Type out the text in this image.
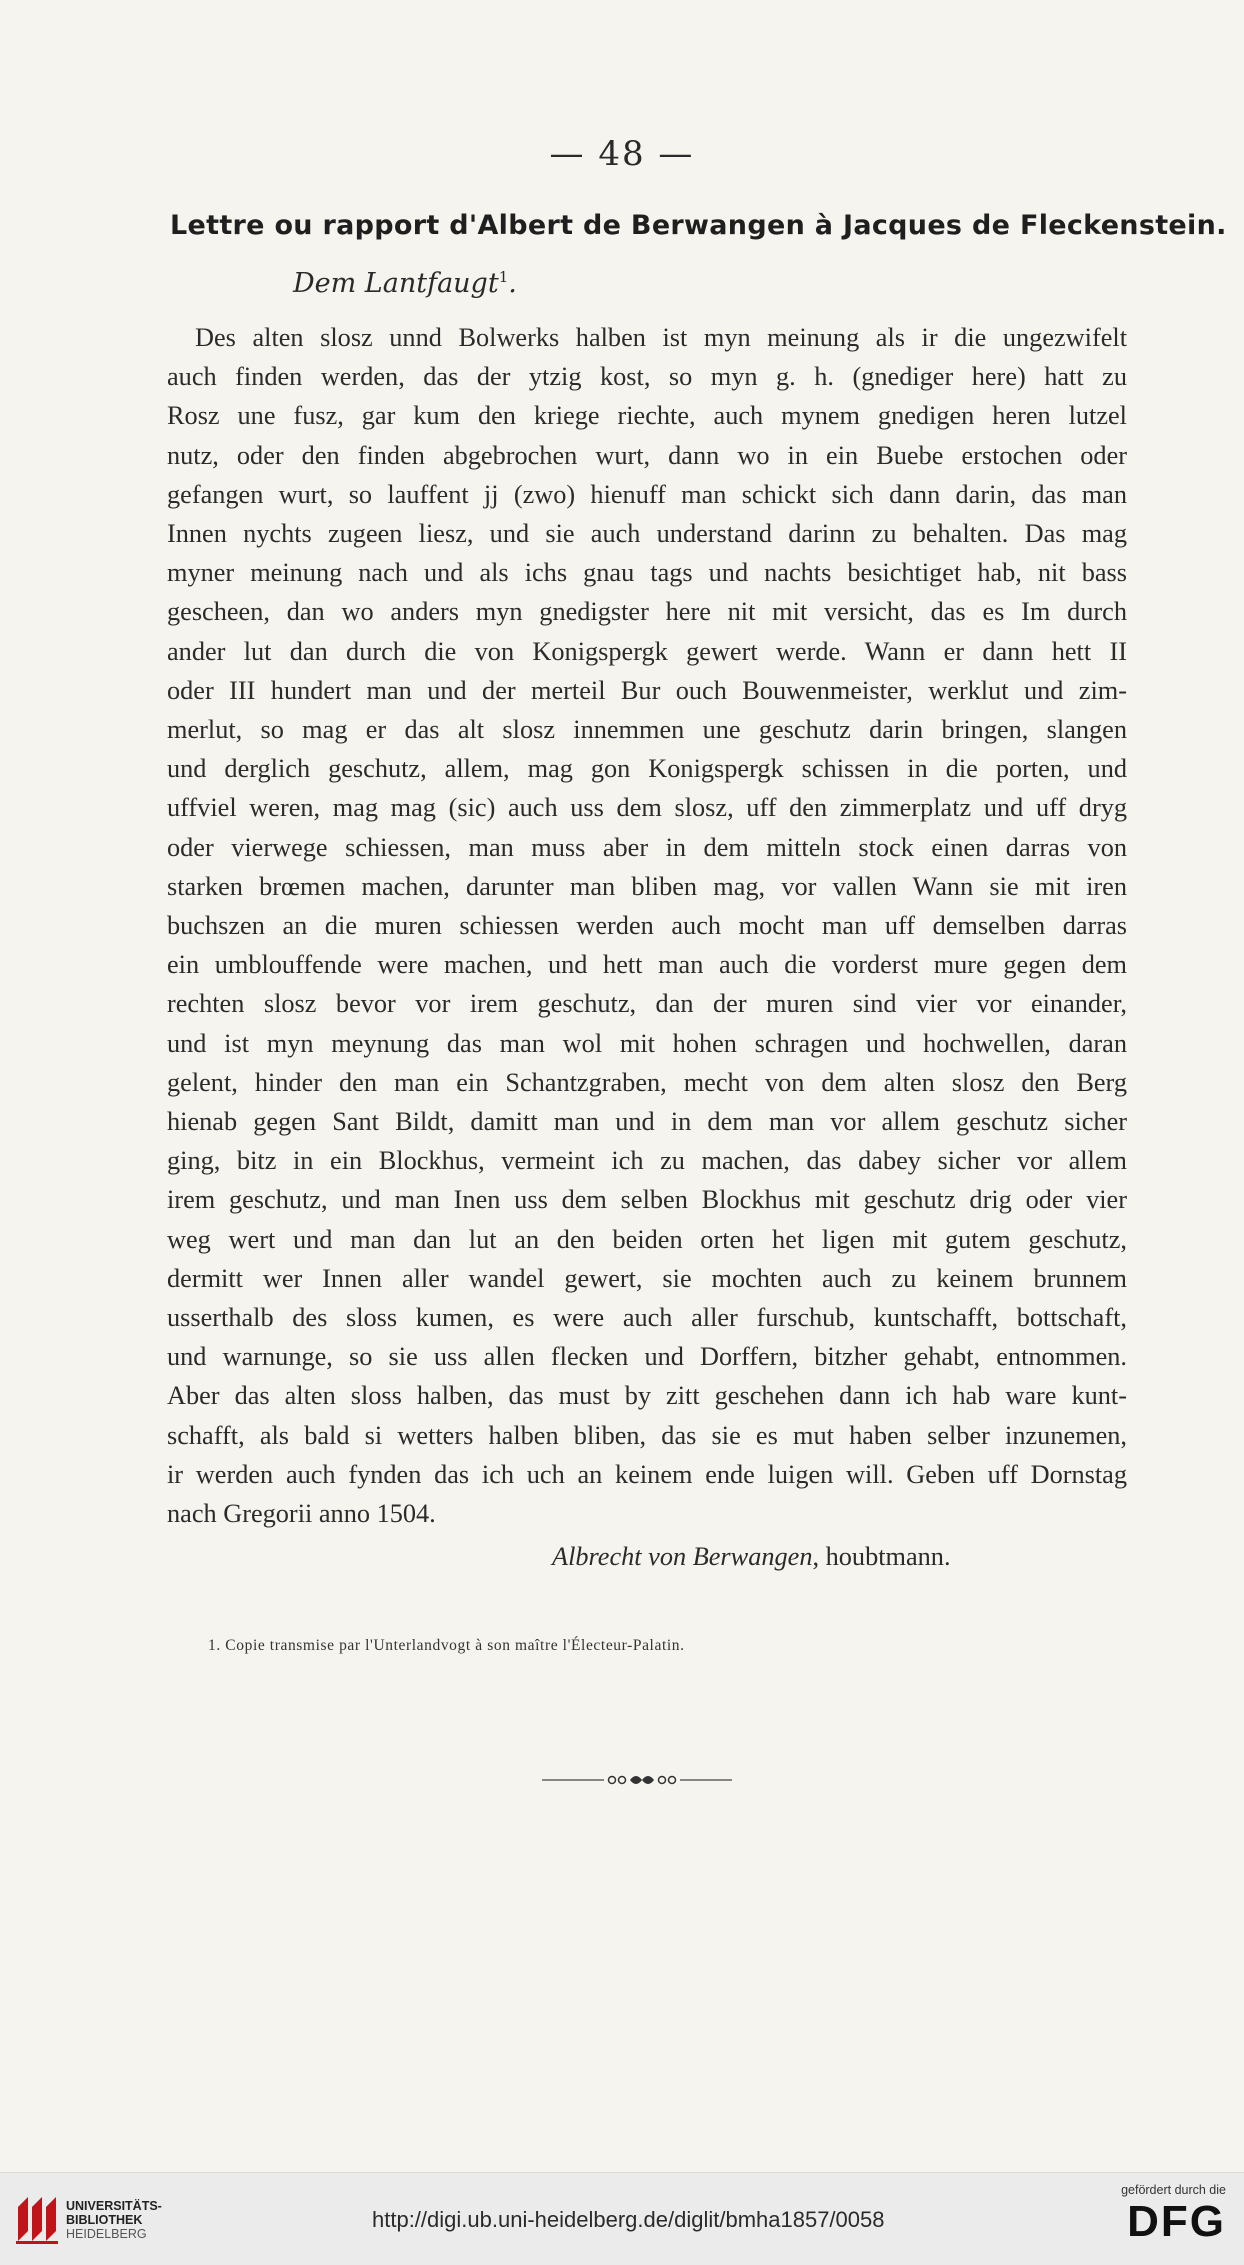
— 48 —
Lettre ou rapport d'Albert de Berwangen à Jacques de Fleckenstein.
Dem Lantfaugt$^1$.
Des alten slosz unnd Bolwerks halben ist myn meinung als ir die ungezwifelt
auch finden werden, das der ytzig kost, so myn g. h. (gnediger here) hatt zu
Rosz une fusz, gar kum den kriege riechte, auch mynem gnedigen heren lutzel
nutz, oder den finden abgebrochen wurt, dann wo in ein Buebe erstochen oder
gefangen wurt, so lauffent jj (zwo) hienuff man schickt sich dann darin, das man
Innen nychts zugeen liesz, und sie auch understand darinn zu behalten. Das mag
myner meinung nach und als ichs gnau tags und nachts besichtiget hab, nit bass
gescheen, dan wo anders myn gnedigster here nit mit versicht, das es Im durch
ander lut dan durch die von Konigspergk gewert werde. Wann er dann hett II
oder III hundert man und der merteil Bur ouch Bouwenmeister, werklut und zim-
merlut, so mag er das alt slosz innemmen une geschutz darin bringen, slangen
und derglich geschutz, allem, mag gon Konigspergk schissen in die porten, und
uffviel weren, mag mag (sic) auch uss dem slosz, uff den zimmerplatz und uff dryg
oder vierwege schiessen, man muss aber in dem mitteln stock einen darras von
starken brœmen machen, darunter man bliben mag, vor vallen Wann sie mit iren
buchszen an die muren schiessen werden auch mocht man uff demselben darras
ein umblouffende were machen, und hett man auch die vorderst mure gegen dem
rechten slosz bevor vor irem geschutz, dan der muren sind vier vor einander,
und ist myn meynung das man wol mit hohen schragen und hochwellen, daran
gelent, hinder den man ein Schantzgraben, mecht von dem alten slosz den Berg
hienab gegen Sant Bildt, damitt man und in dem man vor allem geschutz sicher
ging, bitz in ein Blockhus, vermeint ich zu machen, das dabey sicher vor allem
irem geschutz, und man Inen uss dem selben Blockhus mit geschutz drig oder vier
weg wert und man dan lut an den beiden orten het ligen mit gutem geschutz,
dermitt wer Innen aller wandel gewert, sie mochten auch zu keinem brunnem
usserthalb des sloss kumen, es were auch aller furschub, kuntschafft, bottschaft,
und warnunge, so sie uss allen flecken und Dorffern, bitzher gehabt, entnommen.
Aber das alten sloss halben, das must by zitt geschehen dann ich hab ware kunt-
schafft, als bald si wetters halben bliben, das sie es mut haben selber inzunemen,
ir werden auch fynden das ich uch an keinem ende luigen will. Geben uff Dornstag
nach Gregorii anno 1504.
Albrecht von Berwangen, houbtmann.
1. Copie transmise par l'Unterlandvogt à son maître l'Électeur-Palatin.
UNIVERSITÄTS-
BIBLIOTHEK
HEIDELBERG
http://digi.ub.uni-heidelberg.de/diglit/bmha1857/0058
gefördert durch die
DFG
